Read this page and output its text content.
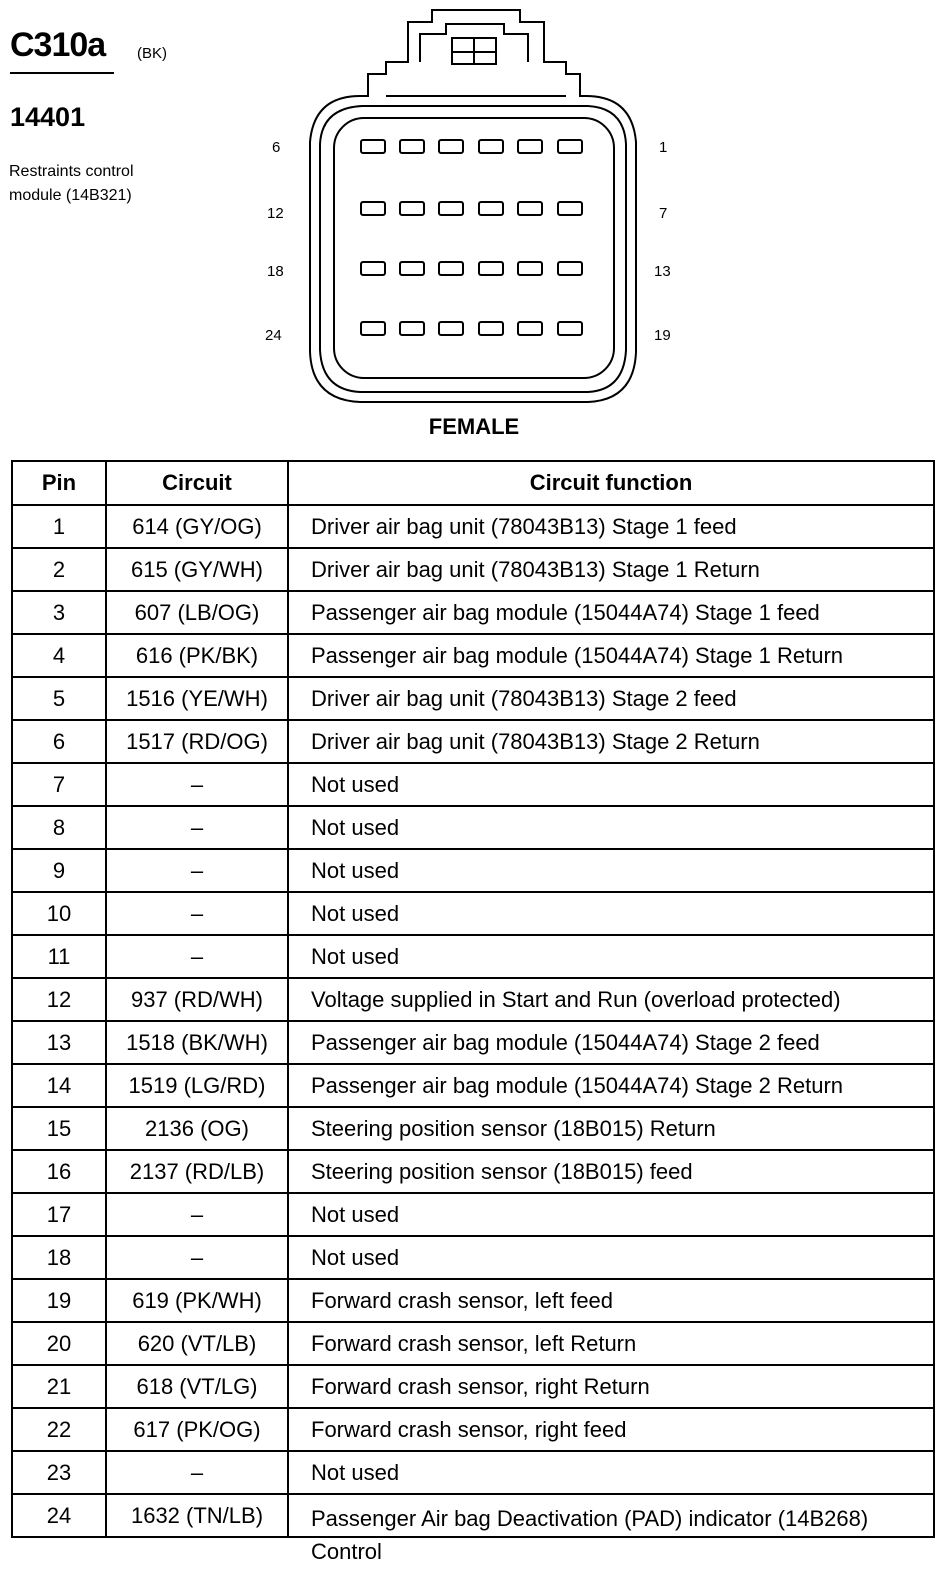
C310a (BK)
14401
Restraints control
module (14B321)
6
12
18
24
1
7
13
19
FEMALE
Pin	Circuit	Circuit function
1	614 (GY/OG)	Driver air bag unit (78043B13) Stage 1 feed
2	615 (GY/WH)	Driver air bag unit (78043B13) Stage 1 Return
3	607 (LB/OG)	Passenger air bag module (15044A74) Stage 1 feed
4	616 (PK/BK)	Passenger air bag module (15044A74) Stage 1 Return
5	1516 (YE/WH)	Driver air bag unit (78043B13) Stage 2 feed
6	1517 (RD/OG)	Driver air bag unit (78043B13) Stage 2 Return
7	–	Not used
8	–	Not used
9	–	Not used
10	–	Not used
11	–	Not used
12	937 (RD/WH)	Voltage supplied in Start and Run (overload protected)
13	1518 (BK/WH)	Passenger air bag module (15044A74) Stage 2 feed
14	1519 (LG/RD)	Passenger air bag module (15044A74) Stage 2 Return
15	2136 (OG)	Steering position sensor (18B015) Return
16	2137 (RD/LB)	Steering position sensor (18B015) feed
17	–	Not used
18	–	Not used
19	619 (PK/WH)	Forward crash sensor, left feed
20	620 (VT/LB)	Forward crash sensor, left Return
21	618 (VT/LG)	Forward crash sensor, right Return
22	617 (PK/OG)	Forward crash sensor, right feed
23	–	Not used
24	1632 (TN/LB)	Passenger Air bag Deactivation (PAD) indicator (14B268) Control
